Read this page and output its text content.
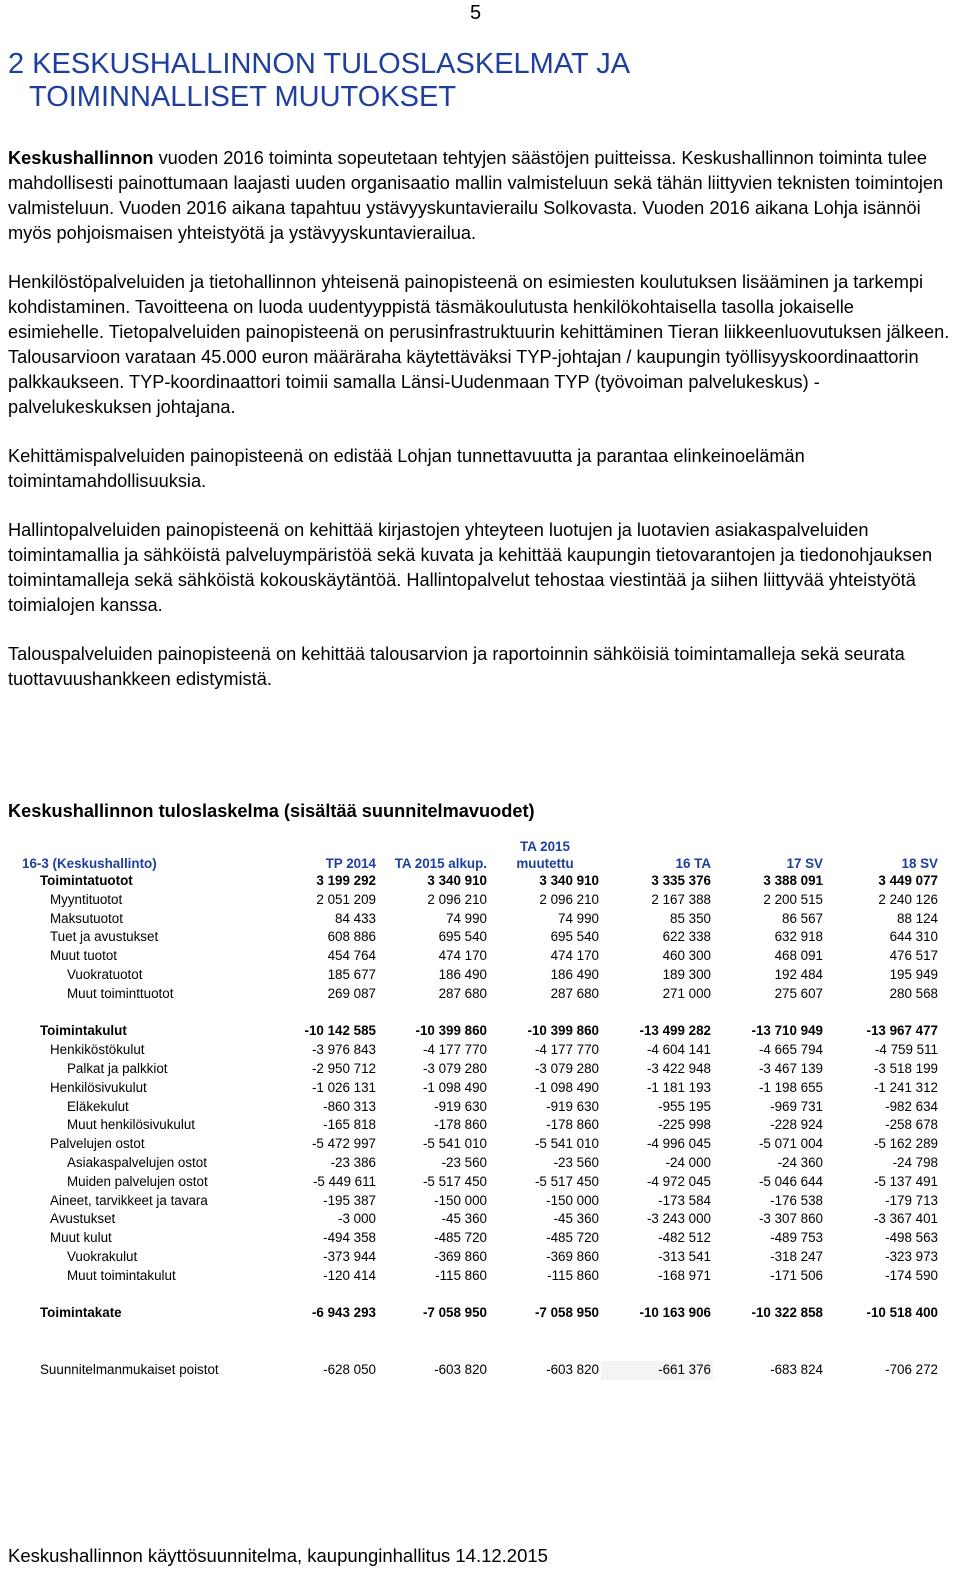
5
2 KESKUSHALLINNON TULOSLASKELMAT JA
TOIMINNALLISET MUUTOKSET

Keskushallinnon vuoden 2016 toiminta sopeutetaan tehtyjen säästöjen puitteissa. Keskushallinnon toiminta tulee mahdollisesti painottumaan laajasti uuden organisaatio mallin valmisteluun sekä tähän liittyvien teknisten toimintojen valmisteluun. Vuoden 2016 aikana tapahtuu ystävyyskuntavierailu Solkovasta. Vuoden 2016 aikana Lohja isännöi myös pohjoismaisen yhteistyötä ja ystävyyskuntavierailua.

Henkilöstöpalveluiden ja tietohallinnon yhteisenä painopisteenä on esimiesten koulutuksen lisääminen ja tarkempi kohdistaminen. Tavoitteena on luoda uudentyyppistä täsmäkoulutusta henkilökohtaisella tasolla jokaiselle esimiehelle. Tietopalveluiden painopisteenä on perusinfrastruktuurin kehittäminen Tieran liikkeenluovutuksen jälkeen.

Talousarvioon varataan 45.000 euron määräraha käytettäväksi TYP-johtajan / kaupungin työllisyyskoordinaattorin palkkaukseen. TYP-koordinaattori toimii samalla Länsi-Uudenmaan TYP (työvoiman palvelukeskus) -palvelukeskuksen johtajana.

Kehittämispalveluiden painopisteenä on edistää Lohjan tunnettavuutta ja parantaa elinkeinoelämän toimintamahdollisuuksia.

Hallintopalveluiden painopisteenä on kehittää kirjastojen yhteyteen luotujen ja luotavien asiakaspalveluiden toimintamallia ja sähköistä palveluympäristöä sekä kuvata ja kehittää kaupungin tietovarantojen ja tiedonohjauksen toimintamalleja sekä sähköistä kokouskäytäntöä. Hallintopalvelut tehostaa viestintää ja siihen liittyvää yhteistyötä toimialojen kanssa.

Talouspalveluiden painopisteenä on kehittää talousarvion ja raportoinnin sähköisiä toimintamalleja sekä seurata tuottavuushankkeen edistymistä.

Keskushallinnon tuloslaskelma (sisältää suunnitelmavuodet)
16-3 (Keskushallinto)	TP 2014	TA 2015 alkup.	TA 2015
muutettu	16 TA	17 SV	18 SV
Toimintatuotot	3 199 292	3 340 910	3 340 910	3 335 376	3 388 091	3 449 077
Myyntituotot	2 051 209	2 096 210	2 096 210	2 167 388	2 200 515	2 240 126
Maksutuotot	84 433	74 990	74 990	85 350	86 567	88 124
Tuet ja avustukset	608 886	695 540	695 540	622 338	632 918	644 310
Muut tuotot	454 764	474 170	474 170	460 300	468 091	476 517
Vuokratuotot	185 677	186 490	186 490	189 300	192 484	195 949
Muut toiminttuotot	269 087	287 680	287 680	271 000	275 607	280 568

Toimintakulut	-10 142 585	-10 399 860	-10 399 860	-13 499 282	-13 710 949	-13 967 477
Henkiköstökulut	-3 976 843	-4 177 770	-4 177 770	-4 604 141	-4 665 794	-4 759 511
Palkat ja palkkiot	-2 950 712	-3 079 280	-3 079 280	-3 422 948	-3 467 139	-3 518 199
Henkilösivukulut	-1 026 131	-1 098 490	-1 098 490	-1 181 193	-1 198 655	-1 241 312
Eläkekulut	-860 313	-919 630	-919 630	-955 195	-969 731	-982 634
Muut henkilösivukulut	-165 818	-178 860	-178 860	-225 998	-228 924	-258 678
Palvelujen ostot	-5 472 997	-5 541 010	-5 541 010	-4 996 045	-5 071 004	-5 162 289
Asiakaspalvelujen ostot	-23 386	-23 560	-23 560	-24 000	-24 360	-24 798
Muiden palvelujen ostot	-5 449 611	-5 517 450	-5 517 450	-4 972 045	-5 046 644	-5 137 491
Aineet, tarvikkeet ja tavara	-195 387	-150 000	-150 000	-173 584	-176 538	-179 713
Avustukset	-3 000	-45 360	-45 360	-3 243 000	-3 307 860	-3 367 401
Muut kulut	-494 358	-485 720	-485 720	-482 512	-489 753	-498 563
Vuokrakulut	-373 944	-369 860	-369 860	-313 541	-318 247	-323 973
Muut toimintakulut	-120 414	-115 860	-115 860	-168 971	-171 506	-174 590

Toimintakate	-6 943 293	-7 058 950	-7 058 950	-10 163 906	-10 322 858	-10 518 400

Suunnitelmanmukaiset poistot	-628 050	-603 820	-603 820	-661 376	-683 824	-706 272
Keskushallinnon käyttösuunnitelma, kaupunginhallitus 14.12.2015
